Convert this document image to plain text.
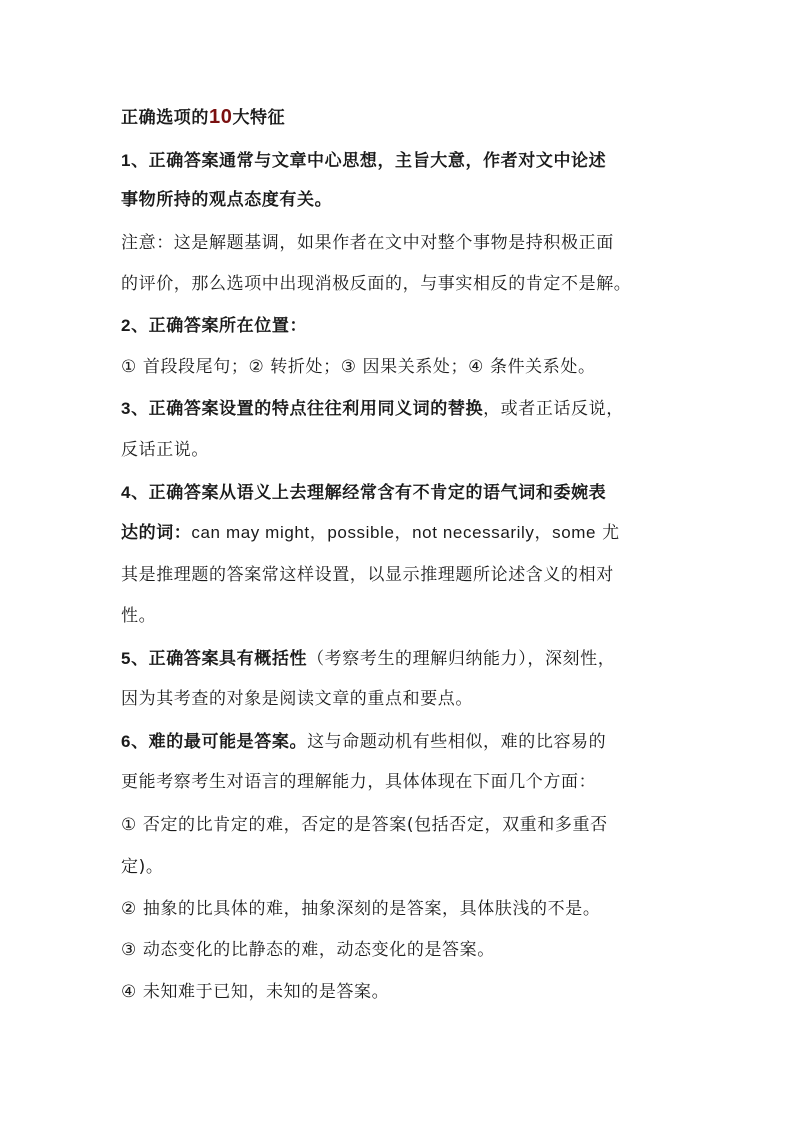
正确选项的10大特征
1、正确答案通常与文章中心思想，主旨大意，作者对文中论述
事物所持的观点态度有关。
注意：这是解题基调，如果作者在文中对整个事物是持积极正面
的评价，那么选项中出现消极反面的，与事实相反的肯定不是解。
2、正确答案所在位置：
① 首段段尾句；② 转折处；③ 因果关系处；④ 条件关系处。
3、正确答案设置的特点往往利用同义词的替换，或者正话反说，
反话正说。
4、正确答案从语义上去理解经常含有不肯定的语气词和委婉表
达的词：can may might，possible，not necessarily，some 尤
其是推理题的答案常这样设置，以显示推理题所论述含义的相对
性。
5、正确答案具有概括性（考察考生的理解归纳能力），深刻性，
因为其考查的对象是阅读文章的重点和要点。
6、难的最可能是答案。这与命题动机有些相似，难的比容易的
更能考察考生对语言的理解能力，具体体现在下面几个方面：
① 否定的比肯定的难，否定的是答案(包括否定，双重和多重否
定)。
② 抽象的比具体的难，抽象深刻的是答案，具体肤浅的不是。
③ 动态变化的比静态的难，动态变化的是答案。
④ 未知难于已知，未知的是答案。
